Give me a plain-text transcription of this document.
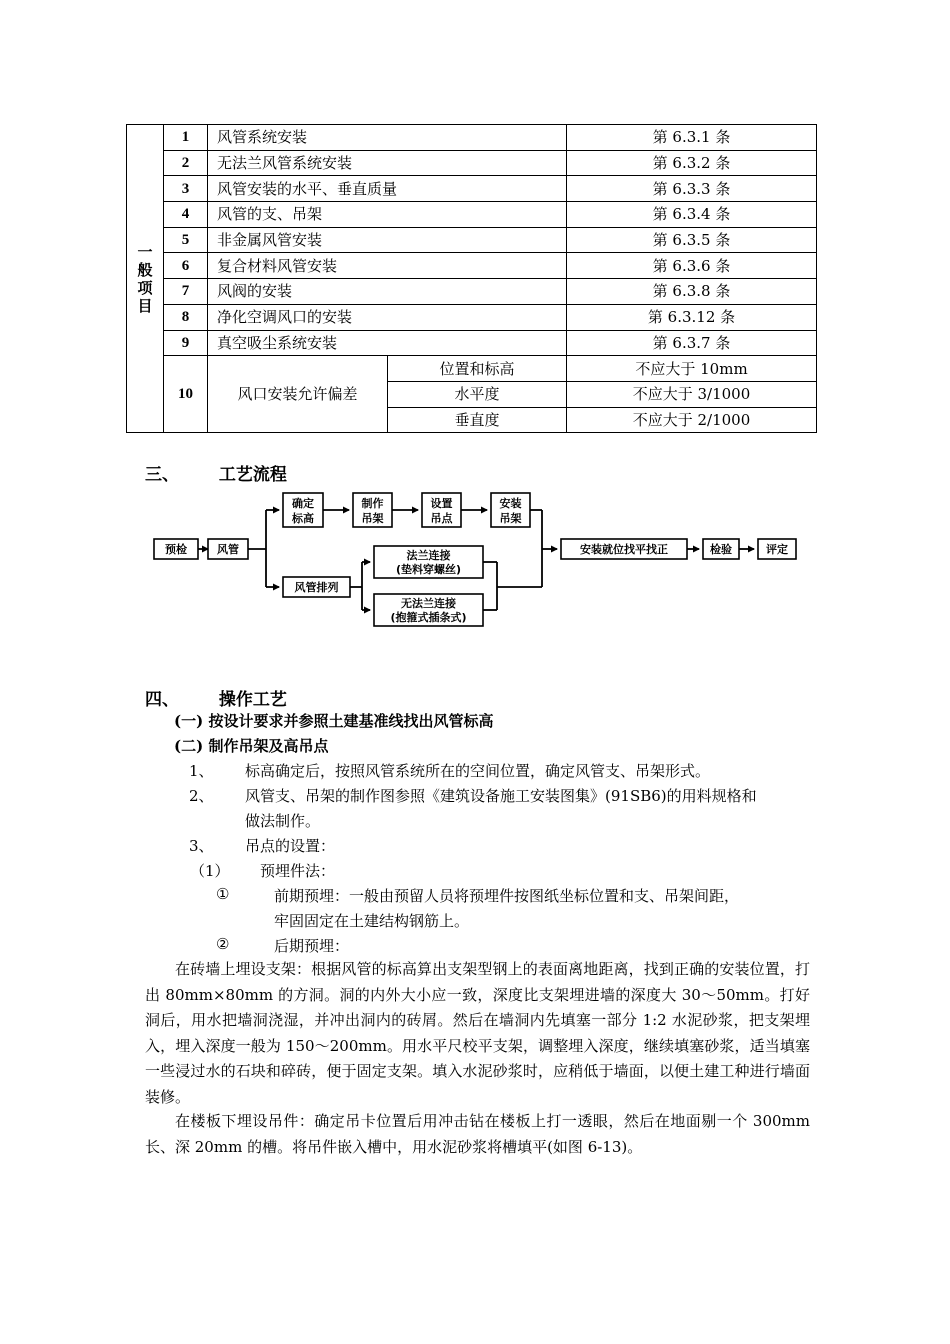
一
般
项
目	1	风管系统安装		第 6.3.1 条
	2	无法兰风管系统安装		第 6.3.2 条
	3	风管安装的水平、垂直质量		第 6.3.3 条
	4	风管的支、吊架		第 6.3.4 条
	5	非金属风管安装		第 6.3.5 条
	6	复合材料风管安装		第 6.3.6 条
	7	风阀的安装		第 6.3.8 条
	8	净化空调风口的安装		第 6.3.12 条
	9	真空吸尘系统安装		第 6.3.7 条
	10	风口安装允许偏差	位置和标高	不应大于 10mm
			水平度	不应大于 3/1000
			垂直度	不应大于 2/1000
三、 工艺流程
预检	风管
确定
标高
制作
吊架
设置
吊点
安装
吊架
风管排列
法兰连接
(垫料穿螺丝)
无法兰连接
(抱箍式插条式)
安装就位找平找正	检验	评定
四、 操作工艺
(一) 按设计要求并参照土建基准线找出风管标高
(二) 制作吊架及高吊点
1、 标高确定后，按照风管系统所在的空间位置，确定风管支、吊架形式。
2、 风管支、吊架的制作图参照《建筑设备施工安装图集》(91SB6)的用料规格和
做法制作。
3、 吊点的设置：
（1） 预埋件法：
①	前期预埋：一般由预留人员将预埋件按图纸坐标位置和支、吊架间距，
牢固固定在土建结构钢筋上。
②	后期预埋：

在砖墙上埋设支架：根据风管的标高算出支架型钢上的表面离地距离，找到正确的安装位置，打出 80mm×80mm 的方洞。洞的内外大小应一致，深度比支架埋进墙的深度大 30～50mm。打好洞后，用水把墙洞浇湿，并冲出洞内的砖屑。然后在墙洞内先填塞一部分 1:2 水泥砂浆，把支架埋入，埋入深度一般为 150～200mm。用水平尺校平支架，调整埋入深度，继续填塞砂浆，适当填塞一些浸过水的石块和碎砖，便于固定支架。填入水泥砂浆时，应稍低于墙面，以便土建工种进行墙面装修。

在楼板下埋设吊件：确定吊卡位置后用冲击钻在楼板上打一透眼，然后在地面剔一个 300mm 长、深 20mm 的槽。将吊件嵌入槽中，用水泥砂浆将槽填平(如图 6-13)。
